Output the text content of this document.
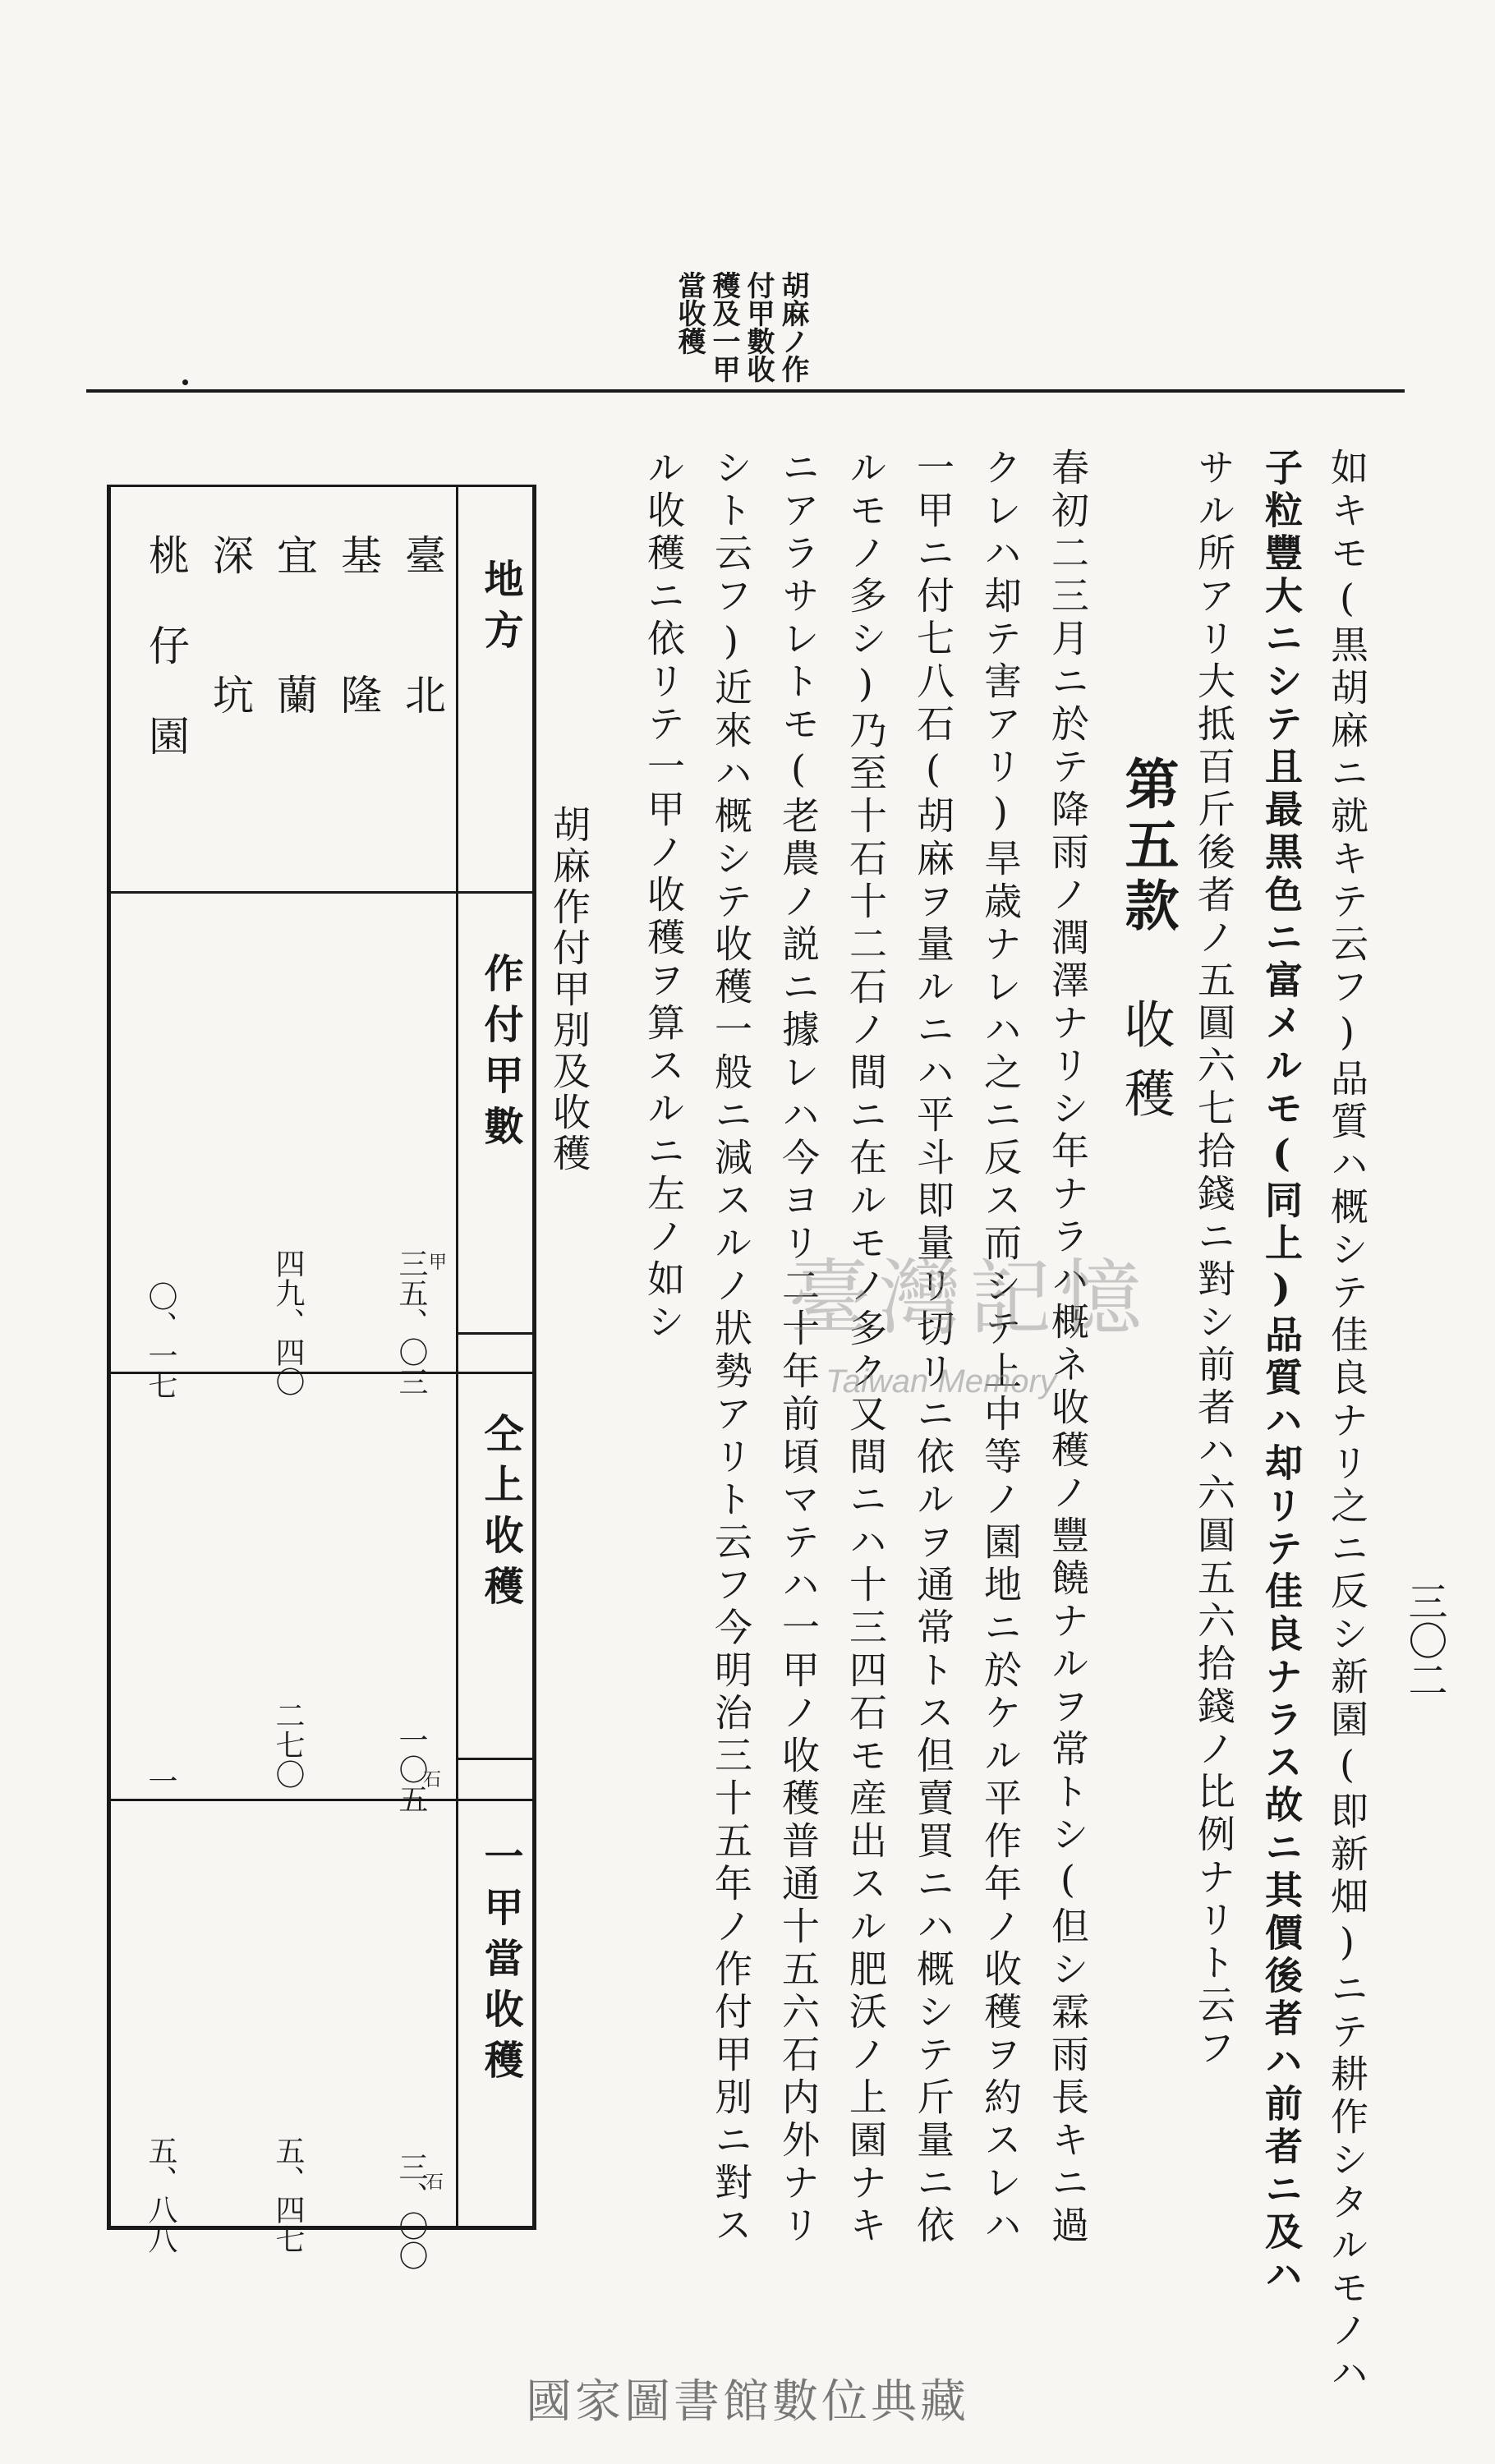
胡麻ノ作
付甲數收
穫及一甲
當收穫
三〇二
如キモ(黒胡麻ニ就キテ云フ)品質ハ概シテ佳良ナリ之ニ反シ新園(即新畑)ニテ耕作シタルモノハ
子粒豐大ニシテ且最黒色ニ富メルモ(同上)品質ハ却リテ佳良ナラス故ニ其價後者ハ前者ニ及ハ
サル所アリ大抵百斤後者ノ五圓六七拾錢ニ對シ前者ハ六圓五六拾錢ノ比例ナリト云フ
第五款
收穫
春初二三月ニ於テ降雨ノ潤澤ナリシ年ナラハ概ネ收穫ノ豐饒ナルヲ常トシ(但シ霖雨長キニ過
クレハ却テ害アリ)旱歳ナレハ之ニ反ス而シテ上中等ノ園地ニ於ケル平作年ノ收穫ヲ約スレハ
一甲ニ付七八石(胡麻ヲ量ルニハ平斗即量リ切リニ依ルヲ通常トス但賣買ニハ概シテ斤量ニ依
ルモノ多シ)乃至十石十二石ノ間ニ在ルモノ多ク又間ニハ十三四石モ産出スル肥沃ノ上園ナキ
ニアラサレトモ(老農ノ説ニ據レハ今ヨリ二十年前頃マテハ一甲ノ收穫普通十五六石内外ナリ
シト云フ)近來ハ概シテ收穫一般ニ減スルノ狀勢アリト云フ今明治三十五年ノ作付甲別ニ對ス
ル收穫ニ依リテ一甲ノ收穫ヲ算スルニ左ノ如シ
胡麻作付甲別及收穫
地方
作付甲數
仝上收穫
一甲當收穫
臺北
基隆
宜蘭
深坑
桃仔園
甲
三五、〇三
四九、四〇
〇、一七
石
一〇五
二七〇
一
石
三、〇〇
五、四七
五、八八
臺灣記憶
Taiwan Memory
國家圖書館數位典藏
